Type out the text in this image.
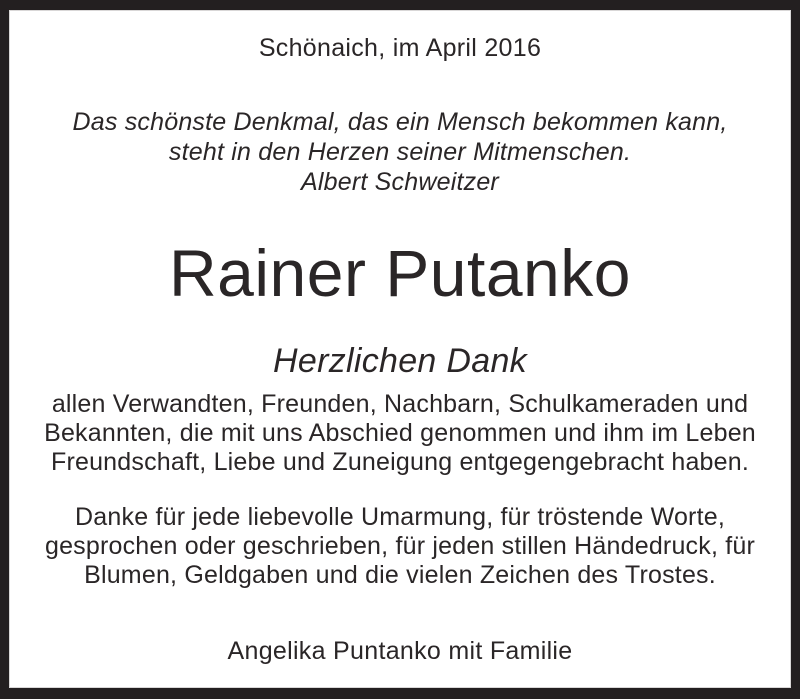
Schönaich, im April 2016
Das schönste Denkmal, das ein Mensch bekommen kann,
steht in den Herzen seiner Mitmenschen.
Albert Schweitzer
Rainer Putanko
Herzlichen Dank
allen Verwandten, Freunden, Nachbarn, Schulkameraden und
Bekannten, die mit uns Abschied genommen und ihm im Leben
Freundschaft, Liebe und Zuneigung entgegengebracht haben.
Danke für jede liebevolle Umarmung, für tröstende Worte,
gesprochen oder geschrieben, für jeden stillen Händedruck, für
Blumen, Geldgaben und die vielen Zeichen des Trostes.
Angelika Puntanko mit Familie
